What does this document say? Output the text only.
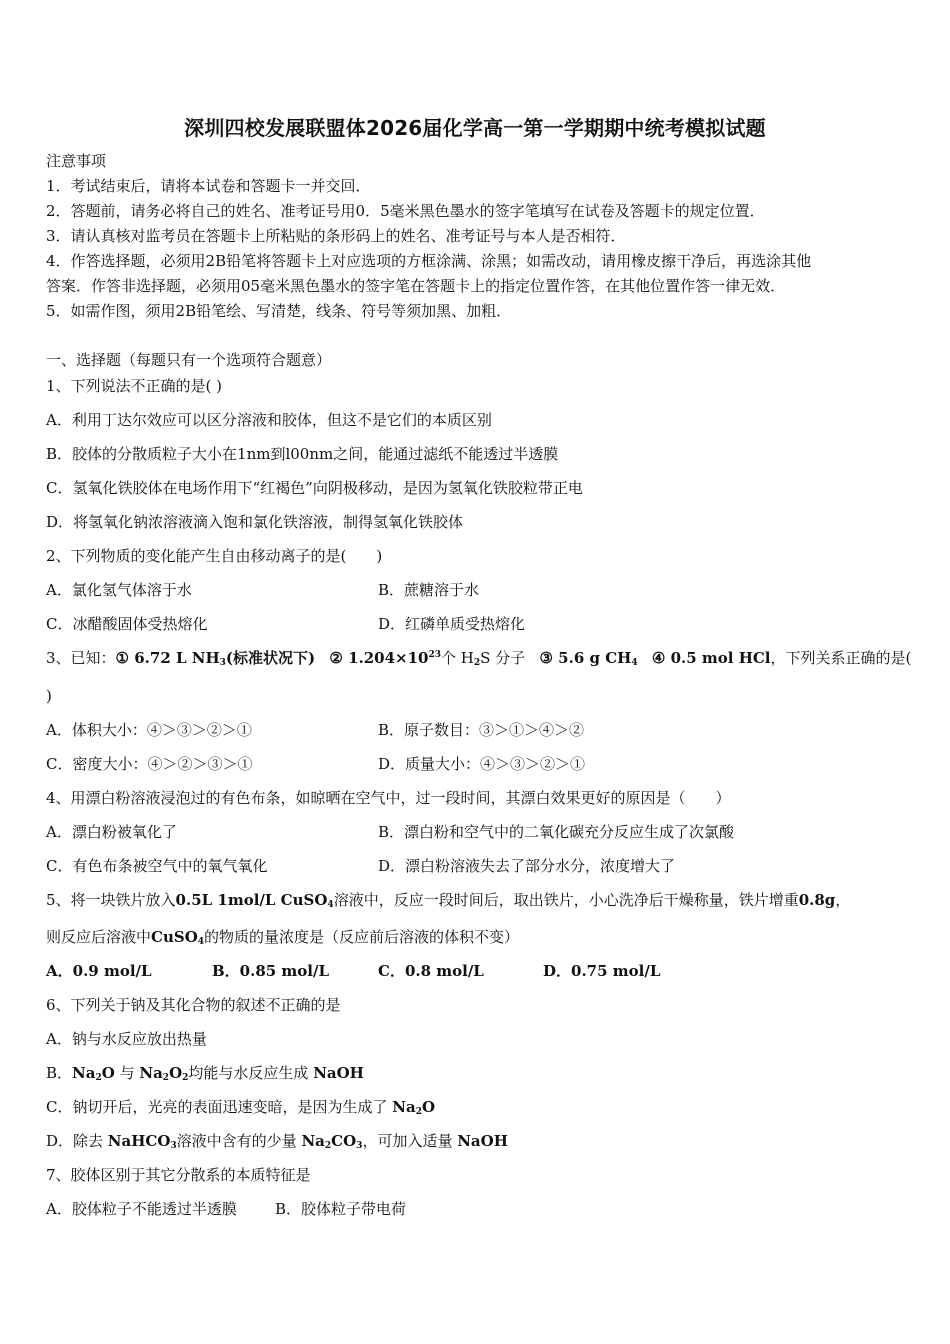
深圳四校发展联盟体2026届化学高一第一学期期中统考模拟试题
注意事项
1．考试结束后，请将本试卷和答题卡一并交回．
2．答题前，请务必将自己的姓名、准考证号用0．5毫米黑色墨水的签字笔填写在试卷及答题卡的规定位置．
3．请认真核对监考员在答题卡上所粘贴的条形码上的姓名、准考证号与本人是否相符．
4．作答选择题，必须用2B铅笔将答题卡上对应选项的方框涂满、涂黑；如需改动，请用橡皮擦干净后，再选涂其他
答案．作答非选择题，必须用05毫米黑色墨水的签字笔在答题卡上的指定位置作答，在其他位置作答一律无效．
5．如需作图，须用2B铅笔绘、写清楚，线条、符号等须加黑、加粗．
一、选择题（每题只有一个选项符合题意）
1、下列说法不正确的是( )
A．利用丁达尔效应可以区分溶液和胶体，但这不是它们的本质区别
B．胶体的分散质粒子大小在1nm到l00nm之间，能通过滤纸不能透过半透膜
C．氢氧化铁胶体在电场作用下“红褐色”向阴极移动，是因为氢氧化铁胶粒带正电
D．将氢氧化钠浓溶液滴入饱和氯化铁溶液，制得氢氧化铁胶体
2、下列物质的变化能产生自由移动离子的是(　　)
A．氯化氢气体溶于水	B．蔗糖溶于水
C．冰醋酸固体受热熔化	D．红磷单质受热熔化
3、已知：① 6.72 L $NH_3$(标准状况下) ② $1.204\times 10^{23}$个 $H_2S$ 分子 ③ 5.6 g $CH_4$ ④ 0.5 mol HCl，下列关系正确的是(
)
A．体积大小：④＞③＞②＞①	B．原子数目：③＞①＞④＞②
C．密度大小：④＞②＞③＞①	D．质量大小：④＞③＞②＞①
4、用漂白粉溶液浸泡过的有色布条，如晾晒在空气中，过一段时间，其漂白效果更好的原因是（　　）
A．漂白粉被氧化了	B．漂白粉和空气中的二氧化碳充分反应生成了次氯酸
C．有色布条被空气中的氧气氧化	D．漂白粉溶液失去了部分水分，浓度增大了
5、将一块铁片放入0.5L 1mol/L CuSO$_4$溶液中，反应一段时间后，取出铁片，小心洗净后干燥称量，铁片增重0.8g，
则反应后溶液中CuSO$_4$的物质的量浓度是（反应前后溶液的体积不变）
A．0.9 mol/L	B．0.85 mol/L	C．0.8 mol/L	D．0.75 mol/L
6、下列关于钠及其化合物的叙述不正确的是
A．钠与水反应放出热量
B．$Na_2O$ 与 $Na_2O_2$均能与水反应生成 NaOH
C．钠切开后，光亮的表面迅速变暗，是因为生成了 $Na_2O$
D．除去 NaHCO$_3$溶液中含有的少量 $Na_2CO_3$，可加入适量 NaOH
7、胶体区别于其它分散系的本质特征是
A．胶体粒子不能透过半透膜	B．胶体粒子带电荷
